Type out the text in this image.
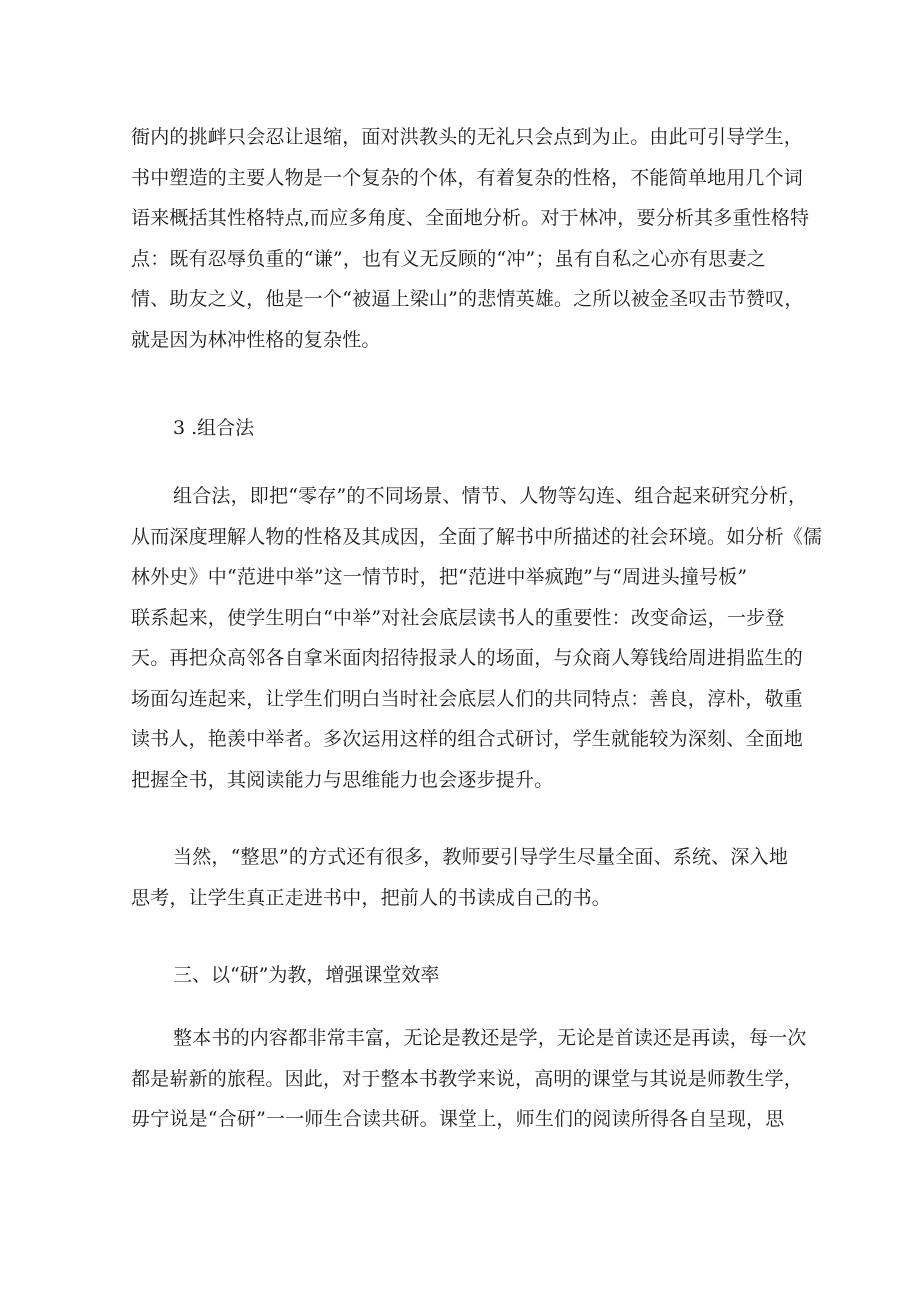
衙内的挑衅只会忍让退缩，面对洪教头的无礼只会点到为止。由此可引导学生，
书中塑造的主要人物是一个复杂的个体，有着复杂的性格，不能简单地用几个词
语来概括其性格特点,而应多角度、全面地分析。对于林冲，要分析其多重性格特
点：既有忍辱负重的“谦”，也有义无反顾的“冲”；虽有自私之心亦有思妻之
情、助友之义，他是一个“被逼上梁山”的悲情英雄。之所以被金圣叹击节赞叹，
就是因为林冲性格的复杂性。
3 .组合法
组合法，即把“零存”的不同场景、情节、人物等勾连、组合起来研究分析，
从而深度理解人物的性格及其成因，全面了解书中所描述的社会环境。如分析《儒
林外史》中“范进中举”这一情节时，把“范进中举疯跑”与“周进头撞号板”
联系起来，使学生明白“中举”对社会底层读书人的重要性：改变命运，一步登
天。再把众高邻各自拿米面肉招待报录人的场面，与众商人筹钱给周进捐监生的
场面勾连起来，让学生们明白当时社会底层人们的共同特点：善良，淳朴，敬重
读书人，艳羡中举者。多次运用这样的组合式研讨，学生就能较为深刻、全面地
把握全书，其阅读能力与思维能力也会逐步提升。
当然，“整思”的方式还有很多，教师要引导学生尽量全面、系统、深入地
思考，让学生真正走进书中，把前人的书读成自己的书。
三、以“研”为教，增强课堂效率
整本书的内容都非常丰富，无论是教还是学，无论是首读还是再读，每一次
都是崭新的旅程。因此，对于整本书教学来说，高明的课堂与其说是师教生学，
毋宁说是“合研”一一师生合读共研。课堂上，师生们的阅读所得各自呈现，思
